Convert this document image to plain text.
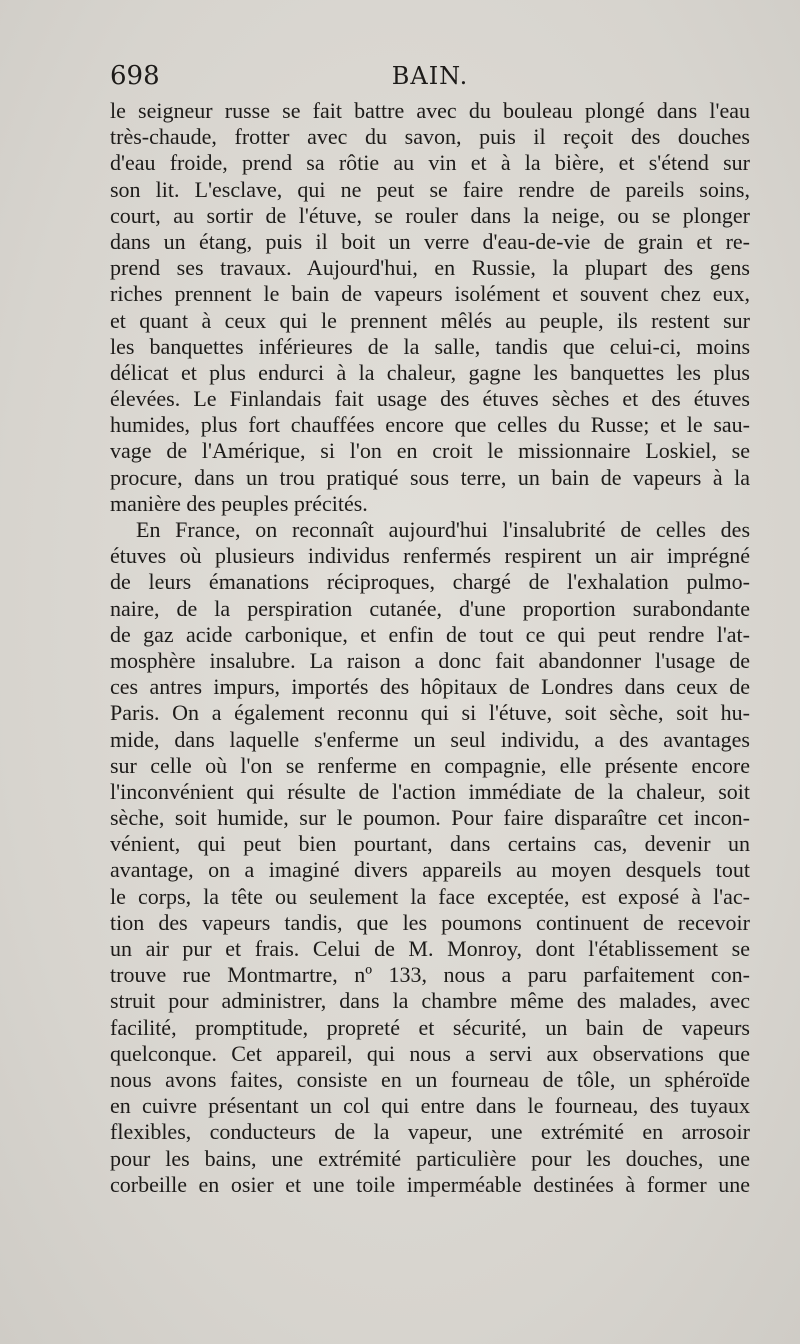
698	BAIN.
le seigneur russe se fait battre avec du bouleau plongé dans l'eau
très-chaude, frotter avec du savon, puis il reçoit des douches
d'eau froide, prend sa rôtie au vin et à la bière, et s'étend sur
son lit. L'esclave, qui ne peut se faire rendre de pareils soins,
court, au sortir de l'étuve, se rouler dans la neige, ou se plonger
dans un étang, puis il boit un verre d'eau-de-vie de grain et re-
prend ses travaux. Aujourd'hui, en Russie, la plupart des gens
riches prennent le bain de vapeurs isolément et souvent chez eux,
et quant à ceux qui le prennent mêlés au peuple, ils restent sur
les banquettes inférieures de la salle, tandis que celui-ci, moins
délicat et plus endurci à la chaleur, gagne les banquettes les plus
élevées. Le Finlandais fait usage des étuves sèches et des étuves
humides, plus fort chauffées encore que celles du Russe; et le sau-
vage de l'Amérique, si l'on en croit le missionnaire Loskiel, se
procure, dans un trou pratiqué sous terre, un bain de vapeurs à la
manière des peuples précités.
En France, on reconnaît aujourd'hui l'insalubrité de celles des
étuves où plusieurs individus renfermés respirent un air imprégné
de leurs émanations réciproques, chargé de l'exhalation pulmo-
naire, de la perspiration cutanée, d'une proportion surabondante
de gaz acide carbonique, et enfin de tout ce qui peut rendre l'at-
mosphère insalubre. La raison a donc fait abandonner l'usage de
ces antres impurs, importés des hôpitaux de Londres dans ceux de
Paris. On a également reconnu qui si l'étuve, soit sèche, soit hu-
mide, dans laquelle s'enferme un seul individu, a des avantages
sur celle où l'on se renferme en compagnie, elle présente encore
l'inconvénient qui résulte de l'action immédiate de la chaleur, soit
sèche, soit humide, sur le poumon. Pour faire disparaître cet incon-
vénient, qui peut bien pourtant, dans certains cas, devenir un
avantage, on a imaginé divers appareils au moyen desquels tout
le corps, la tête ou seulement la face exceptée, est exposé à l'ac-
tion des vapeurs tandis, que les poumons continuent de recevoir
un air pur et frais. Celui de M. Monroy, dont l'établissement se
trouve rue Montmartre, nº 133, nous a paru parfaitement con-
struit pour administrer, dans la chambre même des malades, avec
facilité, promptitude, propreté et sécurité, un bain de vapeurs
quelconque. Cet appareil, qui nous a servi aux observations que
nous avons faites, consiste en un fourneau de tôle, un sphéroïde
en cuivre présentant un col qui entre dans le fourneau, des tuyaux
flexibles, conducteurs de la vapeur, une extrémité en arrosoir
pour les bains, une extrémité particulière pour les douches, une
corbeille en osier et une toile imperméable destinées à former une
